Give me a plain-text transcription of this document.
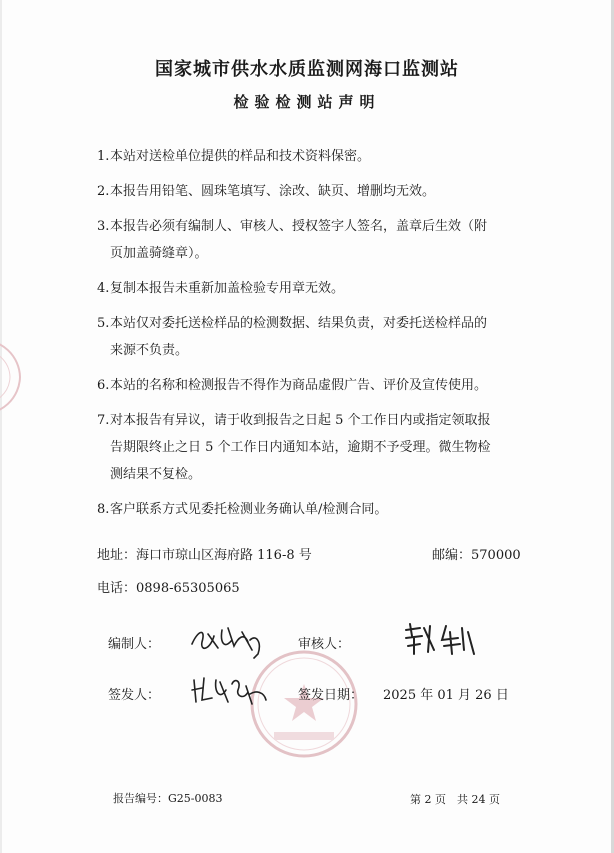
国家城市供水水质监测网海口监测站
检验检测站声明
1. 本站对送检单位提供的样品和技术资料保密。
2. 本报告用铅笔、圆珠笔填写、涂改、缺页、增删均无效。
3. 本报告必须有编制人、审核人、授权签字人签名，盖章后生效（附
页加盖骑缝章）。
4. 复制本报告未重新加盖检验专用章无效。
5. 本站仅对委托送检样品的检测数据、结果负责，对委托送检样品的
来源不负责。
6. 本站的名称和检测报告不得作为商品虚假广告、评价及宣传使用。
7. 对本报告有异议，请于收到报告之日起 5 个工作日内或指定领取报
告期限终止之日 5 个工作日内通知本站，逾期不予受理。微生物检
测结果不复检。
8. 客户联系方式见委托检测业务确认单/检测合同。
地址：海口市琼山区海府路 116-8 号	邮编：570000
电话：0898-65305065
编制人：	审核人：
签发人：	签发日期： 2025 年 01 月 26 日
报告编号：G25-0083	第 2 页　共 24 页
